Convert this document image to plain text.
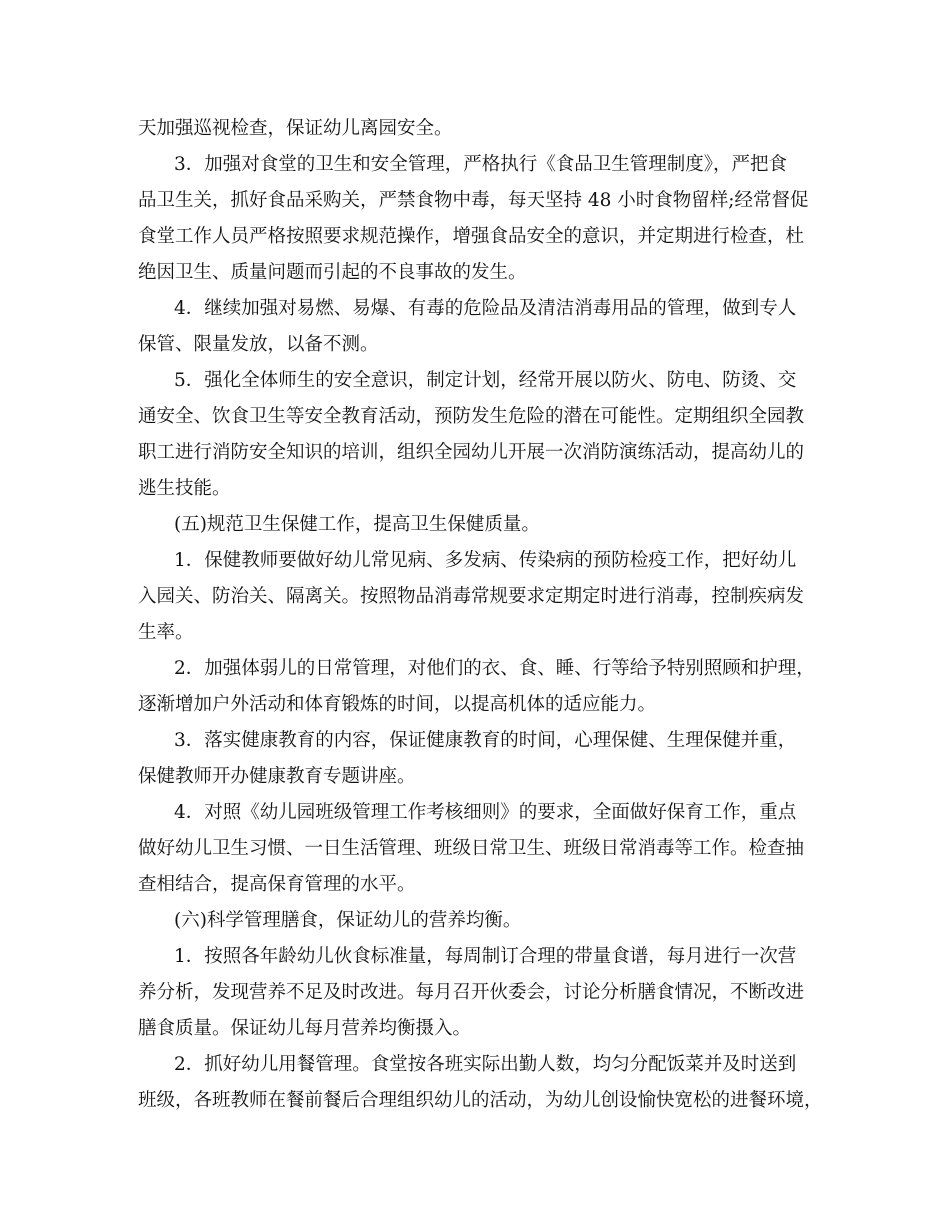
天加强巡视检查，保证幼儿离园安全。
3．加强对食堂的卫生和安全管理，严格执行《食品卫生管理制度》，严把食
品卫生关，抓好食品采购关，严禁食物中毒，每天坚持 48 小时食物留样;经常督促
食堂工作人员严格按照要求规范操作，增强食品安全的意识，并定期进行检查，杜
绝因卫生、质量问题而引起的不良事故的发生。
4．继续加强对易燃、易爆、有毒的危险品及清洁消毒用品的管理，做到专人
保管、限量发放，以备不测。
5．强化全体师生的安全意识，制定计划，经常开展以防火、防电、防烫、交
通安全、饮食卫生等安全教育活动，预防发生危险的潜在可能性。定期组织全园教
职工进行消防安全知识的培训，组织全园幼儿开展一次消防演练活动，提高幼儿的
逃生技能。
(五)规范卫生保健工作，提高卫生保健质量。
1．保健教师要做好幼儿常见病、多发病、传染病的预防检疫工作，把好幼儿
入园关、防治关、隔离关。按照物品消毒常规要求定期定时进行消毒，控制疾病发
生率。
2．加强体弱儿的日常管理，对他们的衣、食、睡、行等给予特别照顾和护理，
逐渐增加户外活动和体育锻炼的时间，以提高机体的适应能力。
3．落实健康教育的内容，保证健康教育的时间，心理保健、生理保健并重，
保健教师开办健康教育专题讲座。
4．对照《幼儿园班级管理工作考核细则》的要求，全面做好保育工作，重点
做好幼儿卫生习惯、一日生活管理、班级日常卫生、班级日常消毒等工作。检查抽
查相结合，提高保育管理的水平。
(六)科学管理膳食，保证幼儿的营养均衡。
1．按照各年龄幼儿伙食标准量，每周制订合理的带量食谱，每月进行一次营
养分析，发现营养不足及时改进。每月召开伙委会，讨论分析膳食情况，不断改进
膳食质量。保证幼儿每月营养均衡摄入。
2．抓好幼儿用餐管理。食堂按各班实际出勤人数，均匀分配饭菜并及时送到
班级，各班教师在餐前餐后合理组织幼儿的活动，为幼儿创设愉快宽松的进餐环境，
